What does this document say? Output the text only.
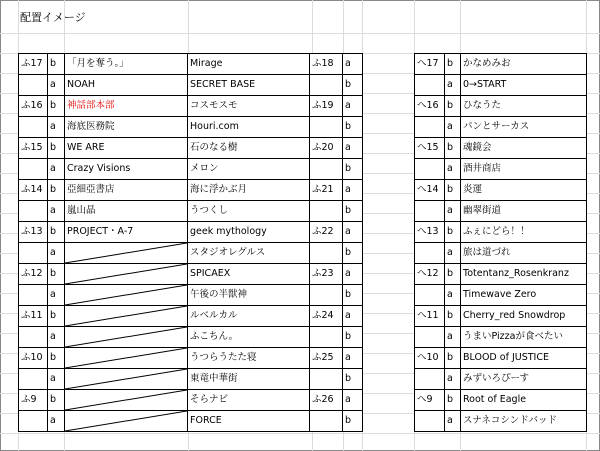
配置イメージ
ふ17	b	「月を奪う。」	Mirage	ふ18	a
	a	NOAH	SECRET BASE		b
ふ16	b	神話部本部	コスモスモ	ふ19	a
	a	海底医務院	Houri.com		b
ふ15	b	WE ARE	石のなる樹	ふ20	a
	a	Crazy Visions	メロン		b
ふ14	b	亞細亞書店	海に浮かぶ月	ふ21	a
	a	嵐山晶	うつくし		b
ふ13	b	PROJECT・A-7	geek mythology	ふ22	a
	a		スタジオレグルス		b
ふ12	b		SPICAEX	ふ23	a
	a		午後の半獣神		b
ふ11	b		ルベルカル	ふ24	a
	a		ふこちん。		b
ふ10	b		うつらうたた寝	ふ25	a
	a		東竜中華街		b
ふ9	b		そらナビ	ふ26	a
	a		FORCE		b
へ17	b	かなめみお
	a	0→START
へ16	b	ひなうた
	a	パンとサーカス
へ15	b	魂鏡会
	a	酒井商店
へ14	b	炎運
	a	幽翠街道
へ13	b	ふぇにどら！！
	a	旅は道づれ
へ12	b	Totentanz_Rosenkranz
	a	Timewave Zero
へ11	b	Cherry_red Snowdrop
	a	うまいPizzaが食べたい
へ10	b	BLOOD of JUSTICE
	a	みずいろぴーす
へ9	b	Root of Eagle
	a	スナネコシンドバッド
